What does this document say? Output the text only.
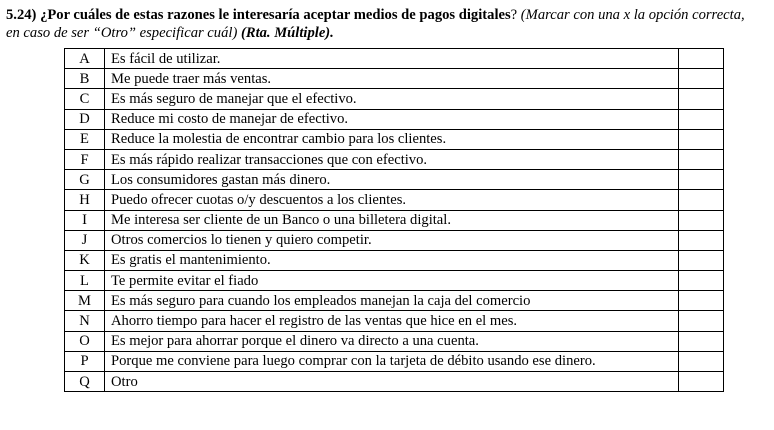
5.24) ¿Por cuáles de estas razones le interesaría aceptar medios de pagos digitales? (Marcar con una x la opción correcta, en caso de ser “Otro” especificar cuál) (Rta. Múltiple).
A	Es fácil de utilizar.	
B	Me puede traer más ventas.	
C	Es más seguro de manejar que el efectivo.	
D	Reduce mi costo de manejar de efectivo.	
E	Reduce la molestia de encontrar cambio para los clientes.	
F	Es más rápido realizar transacciones que con efectivo.	
G	Los consumidores gastan más dinero.	
H	Puedo ofrecer cuotas o/y descuentos a los clientes.	
I	Me interesa ser cliente de un Banco o una billetera digital.	
J	Otros comercios lo tienen y quiero competir.	
K	Es gratis el mantenimiento.	
L	Te permite evitar el fiado	
M	Es más seguro para cuando los empleados manejan la caja del comercio	
N	Ahorro tiempo para hacer el registro de las ventas que hice en el mes.	
O	Es mejor para ahorrar porque el dinero va directo a una cuenta.	
P	Porque me conviene para luego comprar con la tarjeta de débito usando ese dinero.	
Q	Otro	
